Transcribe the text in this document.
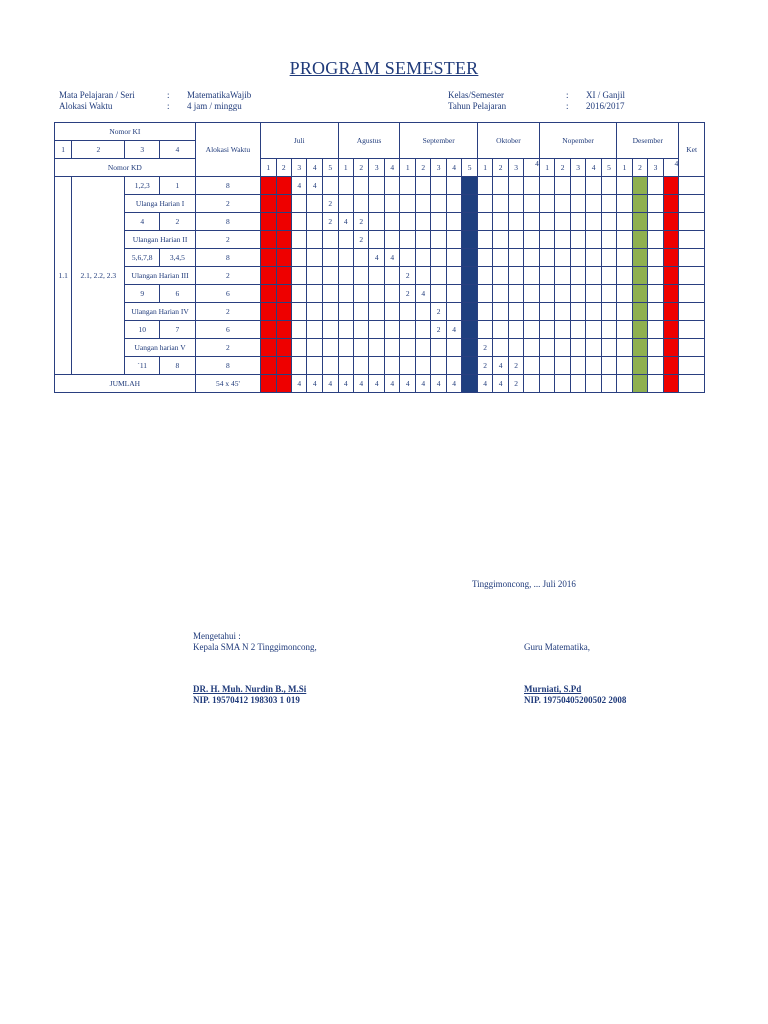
PROGRAM SEMESTER
Mata Pelajaran / Seri	:	MatematikaWajib
Alokasi Waktu	:	4 jam / minggu
Kelas/Semester	:	XI / Ganjil
Tahun Pelajaran	:	2016/2017
Nomor KI				Alokasi Waktu	Juli					Agustus				September					Oktober				Nopember					Desember				Ket
1	2	3	4																													
Nomor KD					1	2	3	4	5	1	2	3	4	1	2	3	4	5	1	2	3	4	1	2	3	4	5	1	2	3	4	
1.1	2.1, 2.2, 2.3	1,2,3	1	8			4	4																								
		Ulanga Harian I		2					2																							
		4	2	8					2	4	2																					
		Ulangan Harian II		2							2																					
		5,6,7,8	3,4,5	8								4	4																			
		Ulangan Harian III		2										2																		
		9	6	6										2	4																	
		Ulangan Harian IV		2												2																
		10	7	6												2	4															
		Uangan harian V		2															2													
		`11	8	8															2	4	2											
JUMLAH				54 x 45'			4	4	4	4	4	4	4	4	4	4	4		4	4	2											
Tinggimoncong, ... Juli 2016
Mengetahui :
Kepala SMA N 2 Tinggimoncong,
DR. H. Muh. Nurdin B., M.Si
NIP. 19570412 198303 1 019
Guru Matematika,
Murniati, S.Pd
NIP. 19750405200502 2008
